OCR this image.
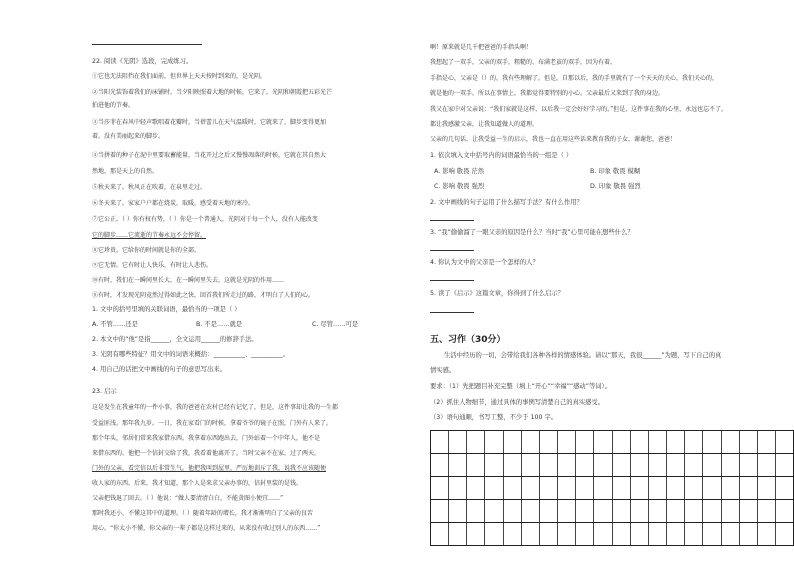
22. 阅读《光阴》选段，完成练习。
①它也无法阻挡在我们面前，但世界上天天按时到来的，是光阴。
②当阳光装饰着我们的床铺时，当夕阳映照着大地的时候，它来了。光阴和朝霞把五彩光芒
拍进他的节奏。
③当莎菲在春风中轻声歌唱着花瓣时，当蓓蕾儿在天气温暖时，它就来了，脚步变得更加
着。没有美丽起来的脚步。
④当拼着的种子在泥中里要取蓄能量，当花开过之后又慢慢凋落的时候，它就在其自然大
然地，那是天上的自然。
⑤秋天来了。秋风正在吹着，在泉里走过。
⑥冬天来了。家家户户都在烧炭，取暖，感受着天地的寒冷。
⑦它公正。（ ）你有权有势，（ ）你是一个普通人，光阴对于每一个人，没有人能改变
它的脚步……它流逝的节奏永远不会停留。
⑧它珍贵。它给你的时间就是你的全部。
⑨它无情。它有时让人快乐，有时让人悲伤。
⑩有时，我们在一瞬间里长大，在一瞬间里失去，这就是光阴的作用……
⑪有时，才发现光阴竟然过得如此之快，回首我们所走过的路，才明白了人们的心。
1. 文中的括号里填的关联词语，最恰当的一项是（ ）
A. 不管……还是	B. 不是……就是	C. 尽管……可是
2. 本文中的“他”是指______，全文运用______的修辞手法。
3. 光阴有哪些特征？用文中的词语来概括：__________、__________。
4. 用自己的话把文中画线的句子的意思写出来。
23. 启示
这是发生在我童年的一件小事，我的爸爸在农村已经有记忆了，但是，这件事却让我的一生都
受益匪浅。那年我九岁。一日，我在家看门的时候，拿着爷爷的镜子在照，门外有人来了。
那个年头，邻居们常来我家借东西。我拿着东西跑出去，门外站着一个中年人，他不是
来借东西的。他把一个信封交给了我，我看着他离开了。当时父亲不在家，过了两天，
门外的父亲，看完信以后非常生气。他把我叫到屋里，严厉地训斥了我，说我不应该随便
收人家的东西。后来，我才知道，那个人是来求父亲办事的，信封里装的是钱。
父亲把钱退了回去。（ ）他说：“做人要清清白白，不能贪图小便宜……”
那时我还小，不懂这其中的道理。（ ）随着年龄的增长，我才渐渐明白了父亲的良苦
用心。“你太小不懂，你父亲的一辈子都是这样过来的，从来没有收过别人的东西……”
啊！原来就是几千把爸爸的手指头啊！
我想起了一双手，父亲的双手，粗糙的、布满老茧的双手，因为有着。
手指是心，父亲是（）的，我有些理解了。但是，自那以后，我的手里就有了一个天天的关心，我们关心的，
就是他的一双手。所以在事情上，我都觉得要特别的小心。父亲最后又来到了我的身边。
我又在家中对父亲说：“我们家就是这样，以后我一定会好好学习的。”但是，这件事在我的心里，永远也忘不了。
都让我感激父亲，让我知道做人的道理。
父亲的几句话，让我受益一生的启示，我也一直在用这些话来教育我的子女，谢谢您，爸爸！
1. 依次填入文中括号内的词语最恰当的一组是（ ）
A. 影响 敬畏 茫然	B. 印象 敬畏 模糊
C. 影响 敬畏 强烈	D. 印象 敬畏 强烈
2. 文中画线的句子运用了什么描写手法？有什么作用？
3. “我”偷偷溜了一眼父亲的原因是什么？当时“我”心里可能在想些什么？
4. 你认为文中的父亲是一个怎样的人？
5. 读了《启示》这篇文章，你得到了什么启示？
五、习作（30分）
生活中经历的一切，会带给我们各种各样的情感体验。请以“那天，我很______”为题，写下自己的真
情实感。
要求：（1）先把题目补充完整（填上“开心”“幸福”“感动”等词）。
（2）抓住人物细节，通过具体的事例写清楚自己的真实感受。
（3）语句通顺，书写工整，不少于 100 字。
